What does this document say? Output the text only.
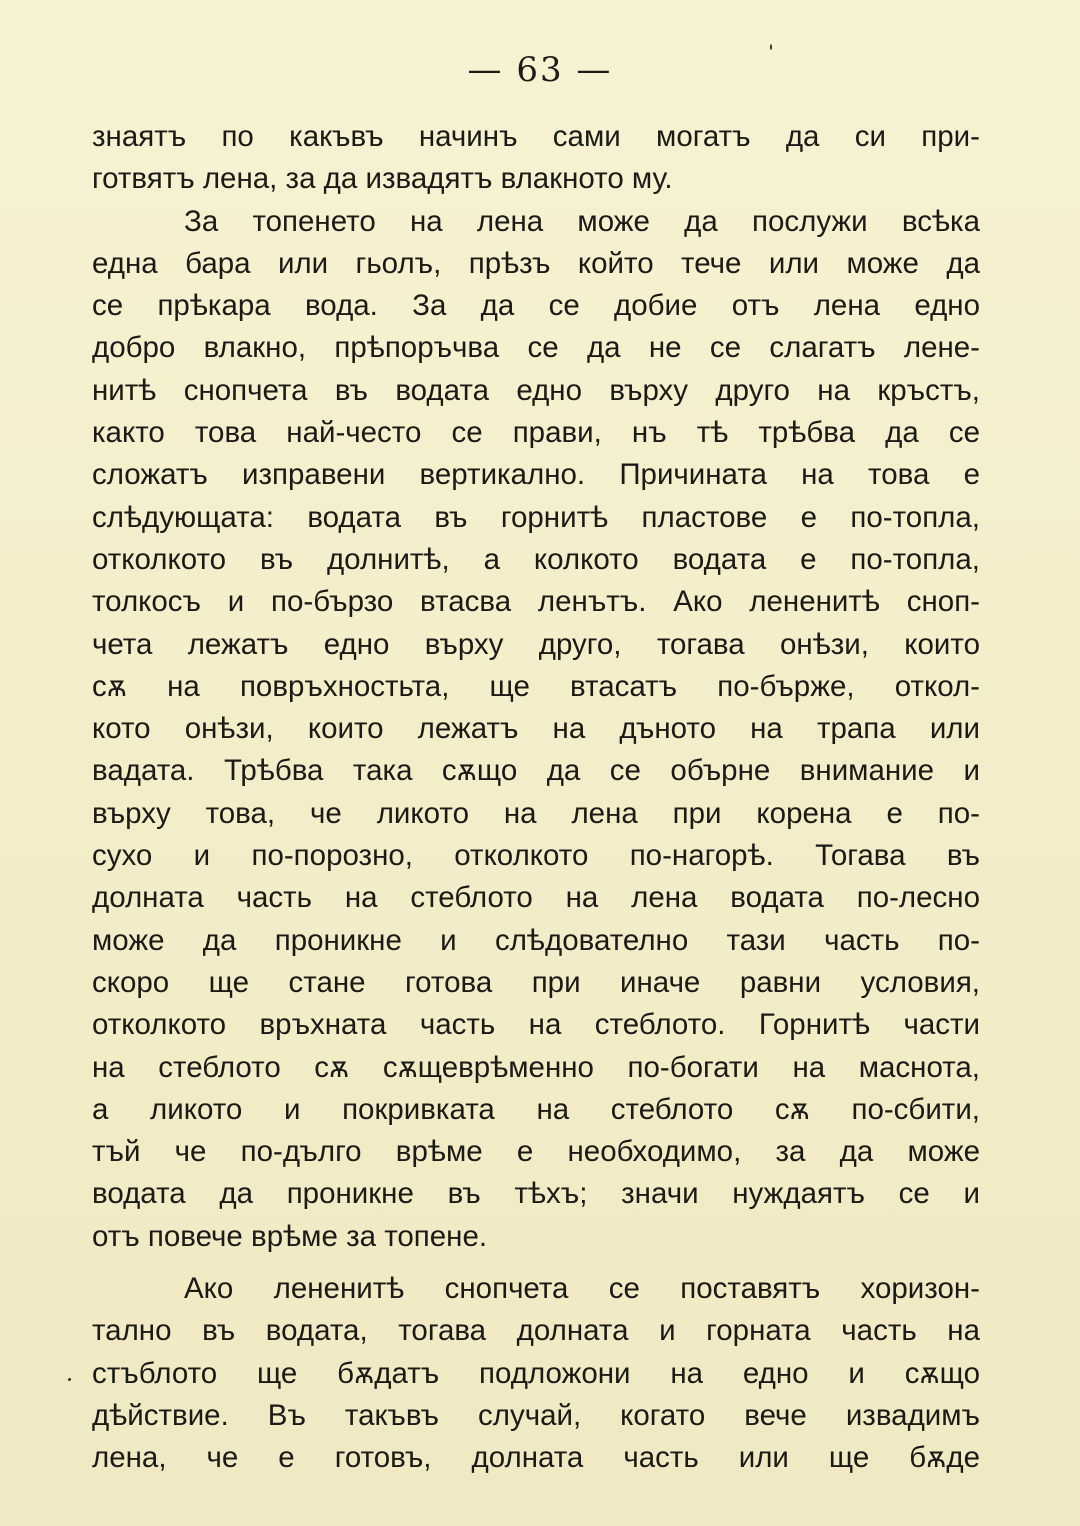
— 63 —
знаятъ по какъвъ начинъ сами могатъ да си при-
готвятъ лена, за да извадятъ влакното му.
За топенето на лена може да послужи всѣка
една бара или гьолъ, прѣзъ който тече или може да
се прѣкара вода. За да се добие отъ лена едно
добро влакно, прѣпоръчва се да не се слагатъ лене-
нитѣ снопчета въ водата едно върху друго на кръстъ,
както това най-често се прави, нъ тѣ трѣбва да се
сложатъ изправени вертикално. Причината на това е
слѣдующата: водата въ горнитѣ пластове е по-топла,
отколкото въ долнитѣ, а колкото водата е по-топла,
толкосъ и по-бързо втасва ленътъ. Ако лененитѣ сноп-
чета лежатъ едно върху друго, тогава онѣзи, които
сѫ на повръхностьта, ще втасатъ по-бърже, откол-
кото онѣзи, които лежатъ на дъното на трапа или
вадата. Трѣбва така сѫщо да се обърне внимание и
върху това, че ликото на лена при корена е по-
сухо и по-порозно, отколкото по-нагорѣ. Тогава въ
долната часть на стеблото на лена водата по-лесно
може да проникне и слѣдователно тази часть по-
скоро ще стане готова при иначе равни условия,
отколкото връхната часть на стеблото. Горнитѣ части
на стеблото сѫ сѫщеврѣменно по-богати на маснота,
а ликото и покривката на стеблото сѫ по-сбити,
тъй че по-дълго врѣме е необходимо, за да може
водата да проникне въ тѣхъ; значи нуждаятъ се и
отъ повече врѣме за топене.
Ако лененитѣ снопчета се поставятъ хоризон-
тално въ водата, тогава долната и горната часть на
стъблото ще бѫдатъ подложони на едно и сѫщо
дѣйствие. Въ такъвъ случай, когато вече извадимъ
лена, че е готовъ, долната часть или ще бѫде
